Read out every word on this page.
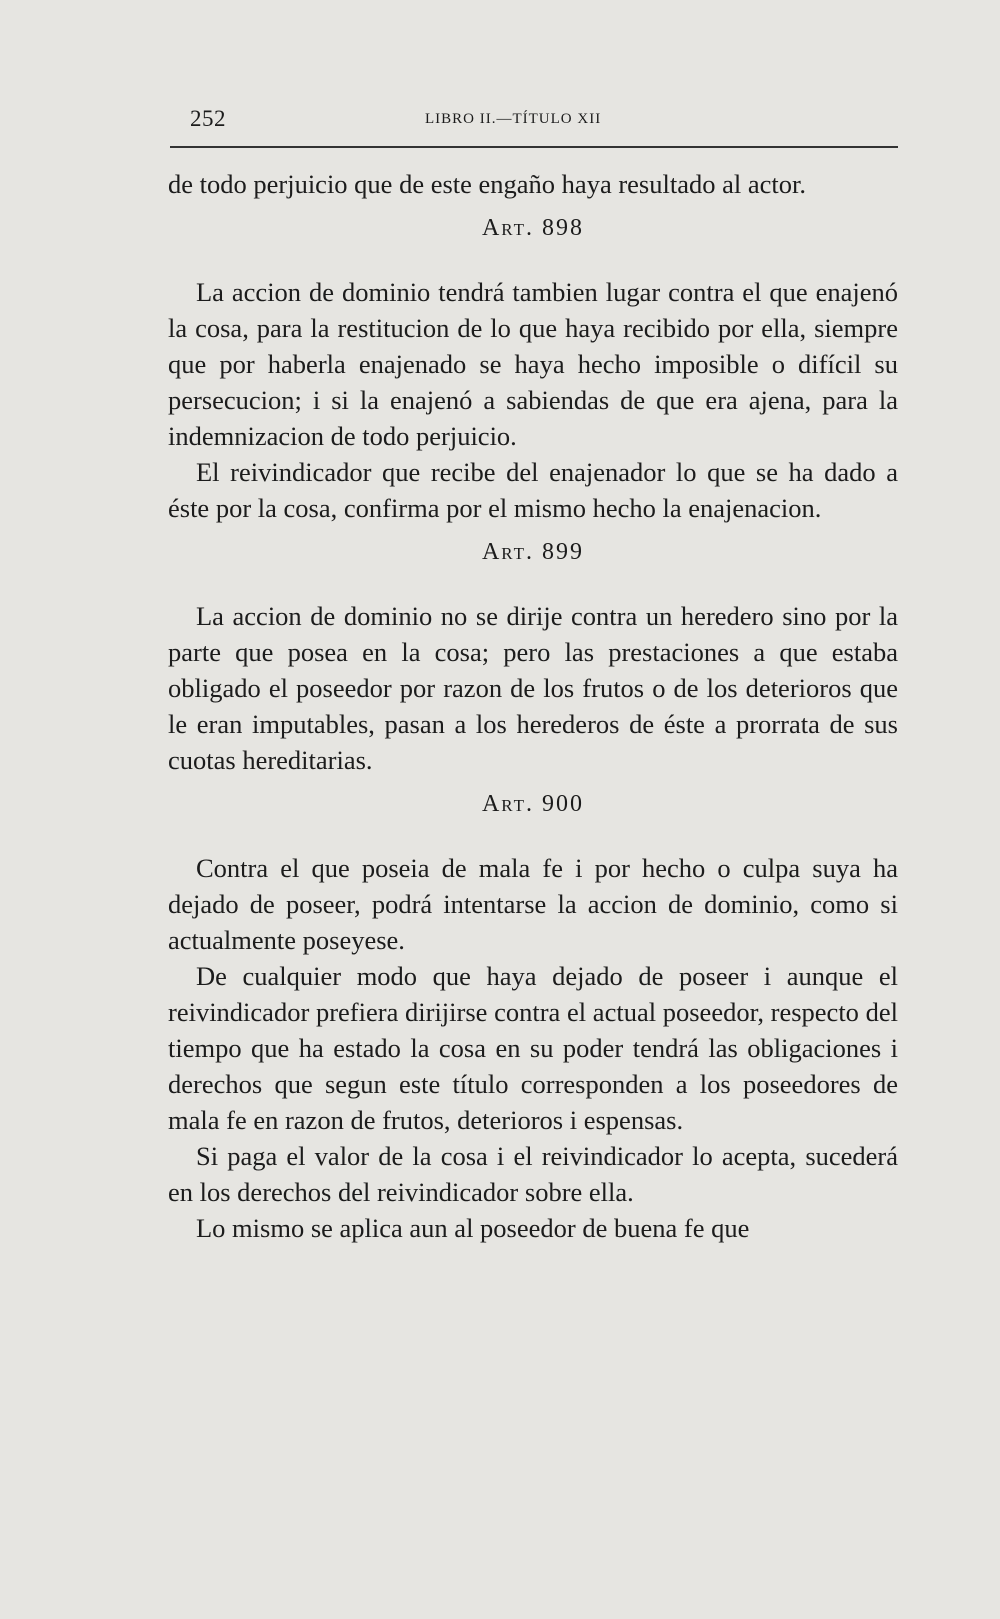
252	LIBRO II.—TÍTULO XII

de todo perjuicio que de este engaño haya resultado al actor.

Art. 898

La accion de dominio tendrá tambien lugar contra el que enajenó la cosa, para la restitucion de lo que haya recibido por ella, siempre que por haberla enajenado se haya hecho imposible o difícil su persecucion; i si la enajenó a sabiendas de que era ajena, para la indemnizacion de todo perjuicio.

El reivindicador que recibe del enajenador lo que se ha dado a éste por la cosa, confirma por el mismo hecho la enajenacion.

Art. 899

La accion de dominio no se dirije contra un heredero sino por la parte que posea en la cosa; pero las prestaciones a que estaba obligado el poseedor por razon de los frutos o de los deterioros que le eran imputables, pasan a los herederos de éste a prorrata de sus cuotas hereditarias.

Art. 900

Contra el que poseia de mala fe i por hecho o culpa suya ha dejado de poseer, podrá intentarse la accion de dominio, como si actualmente poseyese.

De cualquier modo que haya dejado de poseer i aunque el reivindicador prefiera dirijirse contra el actual poseedor, respecto del tiempo que ha estado la cosa en su poder tendrá las obligaciones i derechos que segun este título corresponden a los poseedores de mala fe en razon de frutos, deterioros i espensas.

Si paga el valor de la cosa i el reivindicador lo acepta, sucederá en los derechos del reivindicador sobre ella.

Lo mismo se aplica aun al poseedor de buena fe que
